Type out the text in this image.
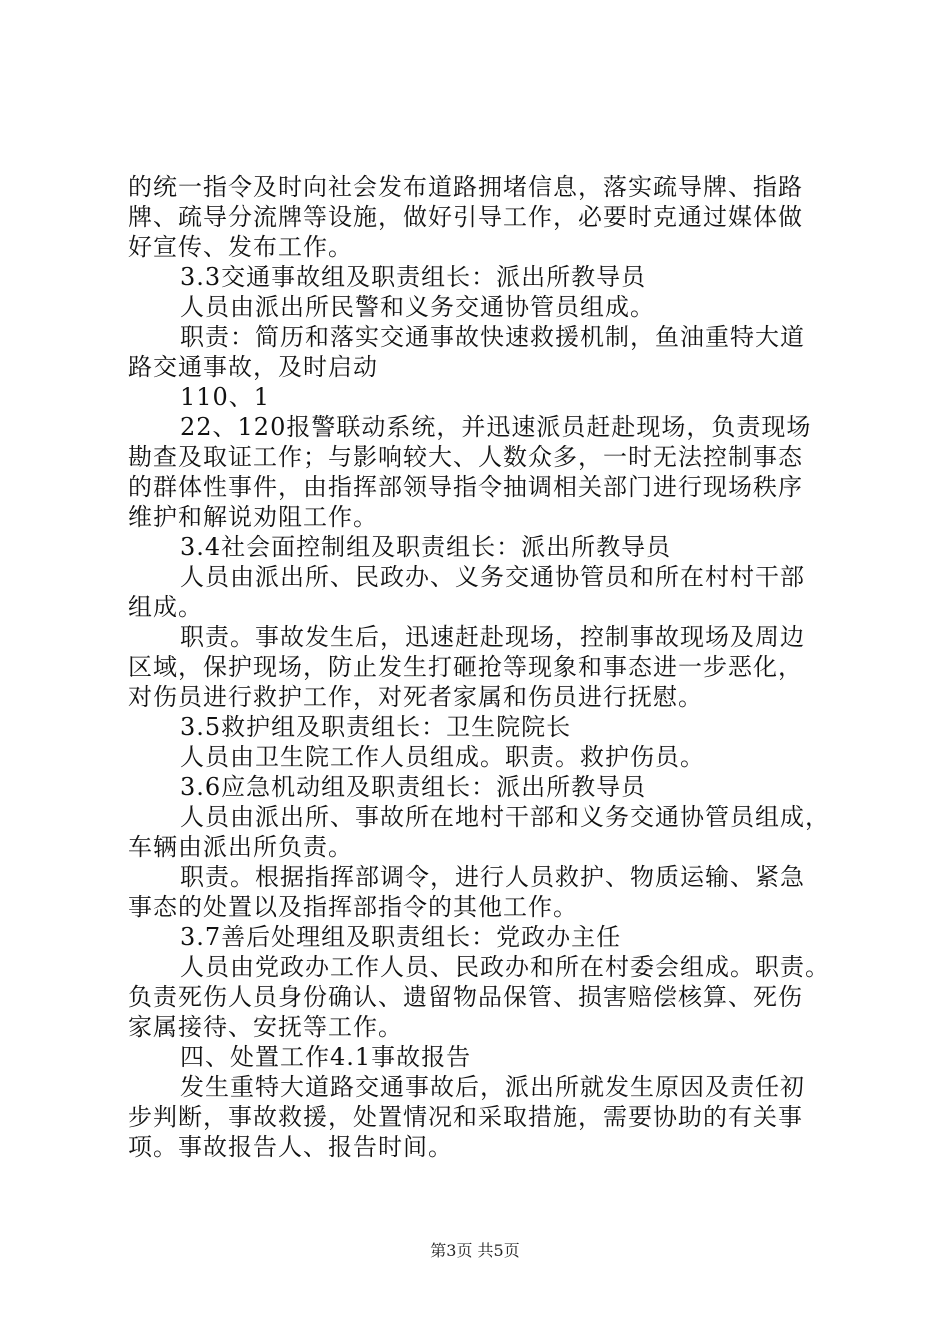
的统一指令及时向社会发布道路拥堵信息，落实疏导牌、指路
牌、疏导分流牌等设施，做好引导工作，必要时克通过媒体做
好宣传、发布工作。
3.3交通事故组及职责组长：派出所教导员
人员由派出所民警和义务交通协管员组成。
职责：简历和落实交通事故快速救援机制，鱼油重特大道
路交通事故，及时启动
110、1
22、120报警联动系统，并迅速派员赶赴现场，负责现场
勘查及取证工作；与影响较大、人数众多，一时无法控制事态
的群体性事件，由指挥部领导指令抽调相关部门进行现场秩序
维护和解说劝阻工作。
3.4社会面控制组及职责组长：派出所教导员
人员由派出所、民政办、义务交通协管员和所在村村干部
组成。
职责。事故发生后，迅速赶赴现场，控制事故现场及周边
区域，保护现场，防止发生打砸抢等现象和事态进一步恶化，
对伤员进行救护工作，对死者家属和伤员进行抚慰。
3.5救护组及职责组长：卫生院院长
人员由卫生院工作人员组成。职责。救护伤员。
3.6应急机动组及职责组长：派出所教导员
人员由派出所、事故所在地村干部和义务交通协管员组成，
车辆由派出所负责。
职责。根据指挥部调令，进行人员救护、物质运输、紧急
事态的处置以及指挥部指令的其他工作。
3.7善后处理组及职责组长：党政办主任
人员由党政办工作人员、民政办和所在村委会组成。职责。
负责死伤人员身份确认、遗留物品保管、损害赔偿核算、死伤
家属接待、安抚等工作。
四、处置工作4.1事故报告
发生重特大道路交通事故后，派出所就发生原因及责任初
步判断，事故救援，处置情况和采取措施，需要协助的有关事
项。事故报告人、报告时间。
第3页 共5页
